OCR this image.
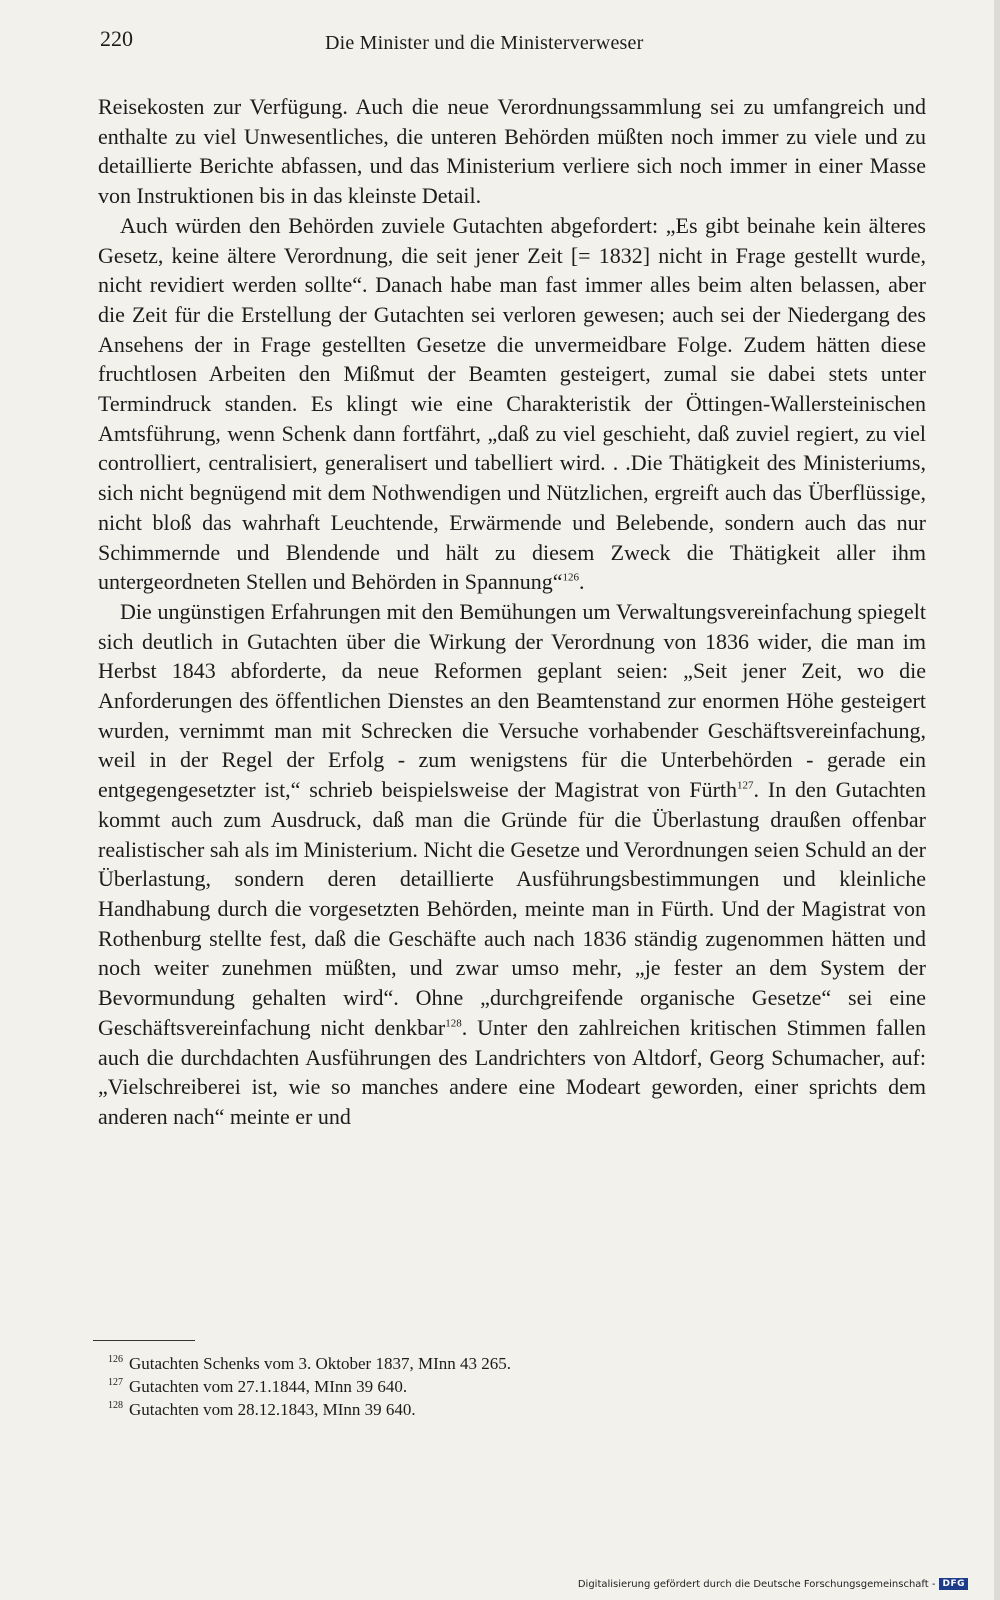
220	Die Minister und die Ministerverweser

Reisekosten zur Verfügung. Auch die neue Verordnungssammlung sei zu umfangreich und enthalte zu viel Unwesentliches, die unteren Behörden müßten noch immer zu viele und zu detaillierte Berichte abfassen, und das Ministerium verliere sich noch immer in einer Masse von Instruktionen bis in das kleinste Detail.

Auch würden den Behörden zuviele Gutachten abgefordert: „Es gibt beinahe kein älteres Gesetz, keine ältere Verordnung, die seit jener Zeit [= 1832] nicht in Frage gestellt wurde, nicht revidiert werden sollte“. Danach habe man fast immer alles beim alten belassen, aber die Zeit für die Erstellung der Gutachten sei verloren gewesen; auch sei der Niedergang des Ansehens der in Frage gestellten Gesetze die unvermeidbare Folge. Zudem hätten diese fruchtlosen Arbeiten den Mißmut der Beamten gesteigert, zumal sie dabei stets unter Termindruck standen. Es klingt wie eine Charakteristik der Öttingen-Wallersteinischen Amtsführung, wenn Schenk dann fortfährt, „daß zu viel geschieht, daß zuviel regiert, zu viel controlliert, centralisiert, generalisert und tabelliert wird. . .Die Thätigkeit des Ministeriums, sich nicht begnügend mit dem Nothwendigen und Nützlichen, ergreift auch das Überflüssige, nicht bloß das wahrhaft Leuchtende, Erwärmende und Belebende, sondern auch das nur Schimmernde und Blendende und hält zu diesem Zweck die Thätigkeit aller ihm untergeordneten Stellen und Behörden in Spannung“$^{126}$.

Die ungünstigen Erfahrungen mit den Bemühungen um Verwaltungsvereinfachung spiegelt sich deutlich in Gutachten über die Wirkung der Verordnung von 1836 wider, die man im Herbst 1843 abforderte, da neue Reformen geplant seien: „Seit jener Zeit, wo die Anforderungen des öffentlichen Dienstes an den Beamtenstand zur enormen Höhe gesteigert wurden, vernimmt man mit Schrecken die Versuche vorhabender Geschäftsvereinfachung, weil in der Regel der Erfolg - zum wenigstens für die Unterbehörden - gerade ein entgegengesetzter ist,“ schrieb beispielsweise der Magistrat von Fürth$^{127}$. In den Gutachten kommt auch zum Ausdruck, daß man die Gründe für die Überlastung draußen offenbar realistischer sah als im Ministerium. Nicht die Gesetze und Verordnungen seien Schuld an der Überlastung, sondern deren detaillierte Ausführungsbestimmungen und kleinliche Handhabung durch die vorgesetzten Behörden, meinte man in Fürth. Und der Magistrat von Rothenburg stellte fest, daß die Geschäfte auch nach 1836 ständig zugenommen hätten und noch weiter zunehmen müßten, und zwar umso mehr, „je fester an dem System der Bevormundung gehalten wird“. Ohne „durchgreifende organische Gesetze“ sei eine Geschäftsvereinfachung nicht denkbar$^{128}$. Unter den zahlreichen kritischen Stimmen fallen auch die durchdachten Ausführungen des Landrichters von Altdorf, Georg Schumacher, auf: „Vielschreiberei ist, wie so manches andere eine Modeart geworden, einer sprichts dem anderen nach“ meinte er und

$^{126}$ Gutachten Schenks vom 3. Oktober 1837, MInn 43 265.
$^{127}$ Gutachten vom 27.1.1844, MInn 39 640.
$^{128}$ Gutachten vom 28.12.1843, MInn 39 640.
Digitalisierung gefördert durch die Deutsche Forschungsgemeinschaft - DFG
